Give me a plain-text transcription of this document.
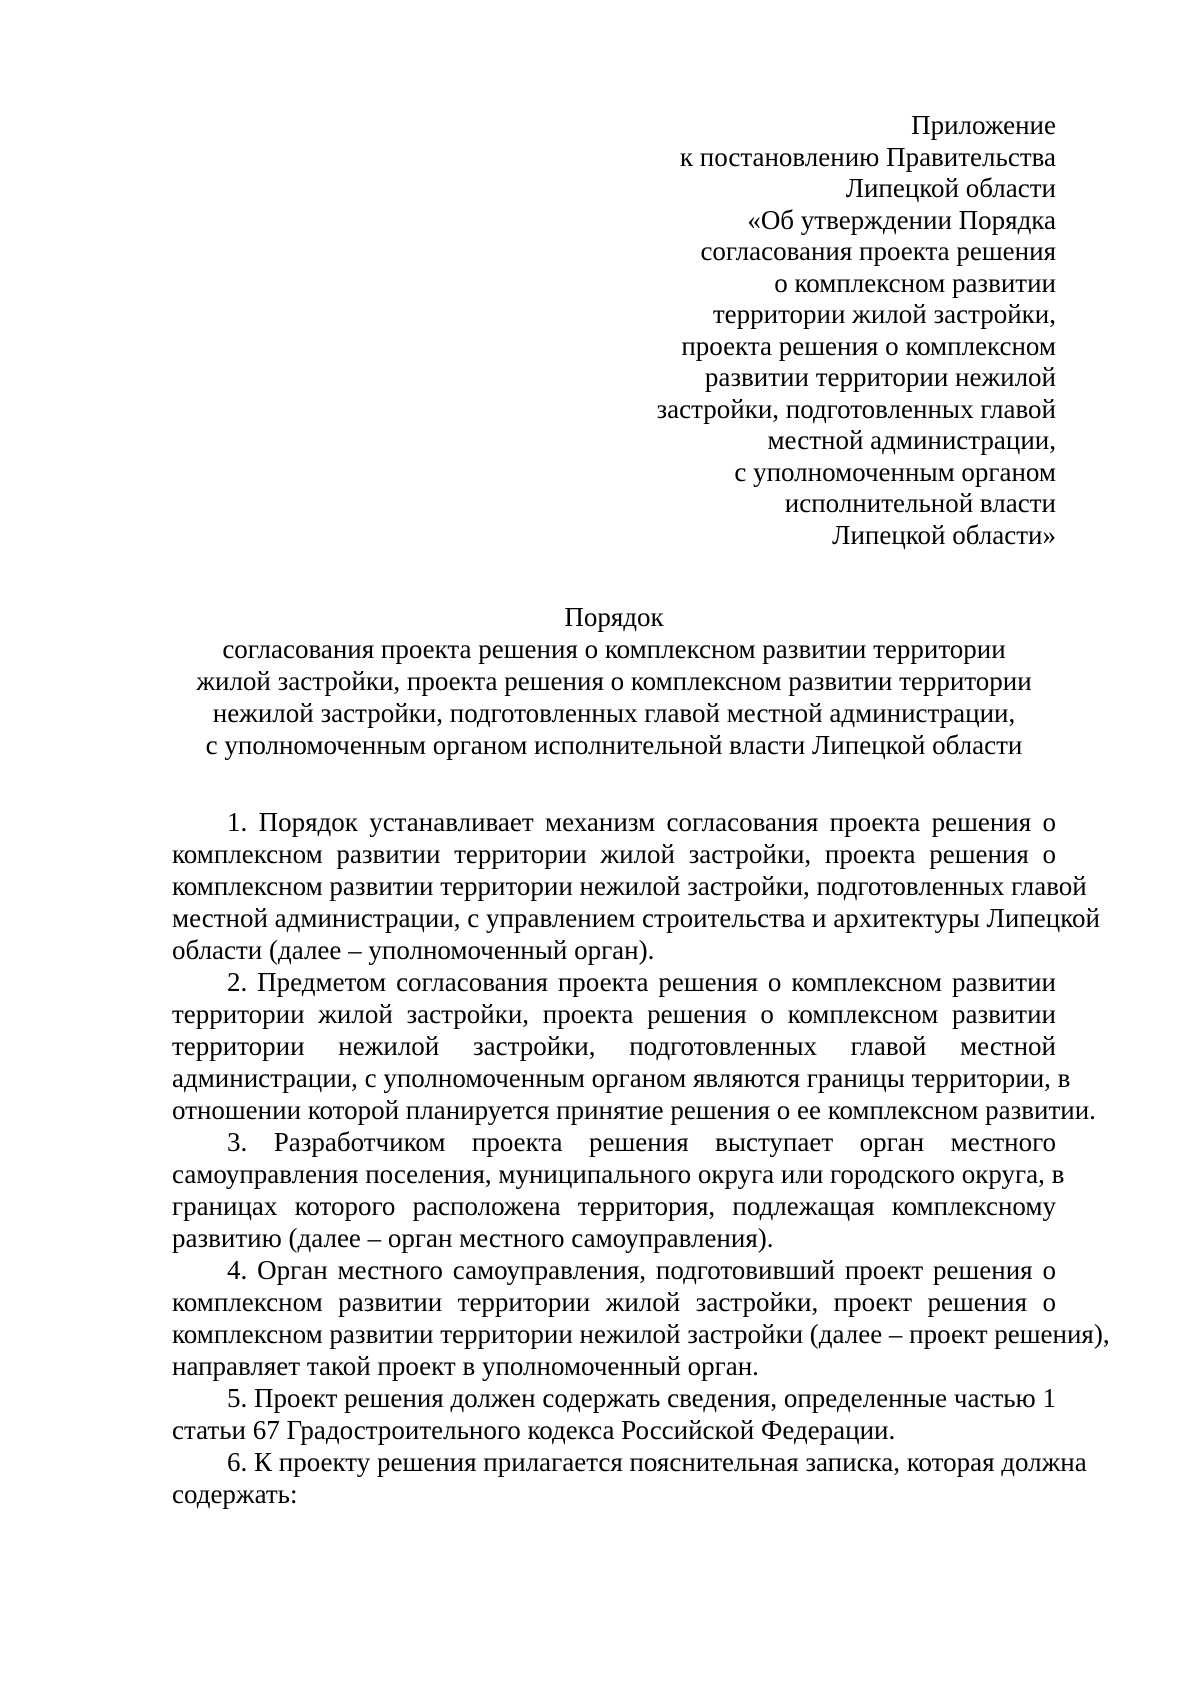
Приложение
к постановлению Правительства
Липецкой области
«Об утверждении Порядка
согласования проекта решения
о комплексном развитии
территории жилой застройки,
проекта решения о комплексном
развитии территории нежилой
застройки, подготовленных главой
местной администрации,
с уполномоченным органом
исполнительной власти
Липецкой области»
Порядок
согласования проекта решения о комплексном развитии территории
жилой застройки, проекта решения о комплексном развитии территории
нежилой застройки, подготовленных главой местной администрации,
с уполномоченным органом исполнительной власти Липецкой области
1. Порядок устанавливает механизм согласования проекта решения о
комплексном развитии территории жилой застройки, проекта решения о
комплексном развитии территории нежилой застройки, подготовленных главой
местной администрации, с управлением строительства и архитектуры Липецкой
области (далее – уполномоченный орган).
2. Предметом согласования проекта решения о комплексном развитии
территории жилой застройки, проекта решения о комплексном развитии
территории нежилой застройки, подготовленных главой местной
администрации, с уполномоченным органом являются границы территории, в
отношении которой планируется принятие решения о ее комплексном развитии.
3. Разработчиком проекта решения выступает орган местного
самоуправления поселения, муниципального округа или городского округа, в
границах которого расположена территория, подлежащая комплексному
развитию (далее – орган местного самоуправления).
4. Орган местного самоуправления, подготовивший проект решения о
комплексном развитии территории жилой застройки, проект решения о
комплексном развитии территории нежилой застройки (далее – проект решения),
направляет такой проект в уполномоченный орган.
5. Проект решения должен содержать сведения, определенные частью 1
статьи 67 Градостроительного кодекса Российской Федерации.
6. К проекту решения прилагается пояснительная записка, которая должна
содержать:
